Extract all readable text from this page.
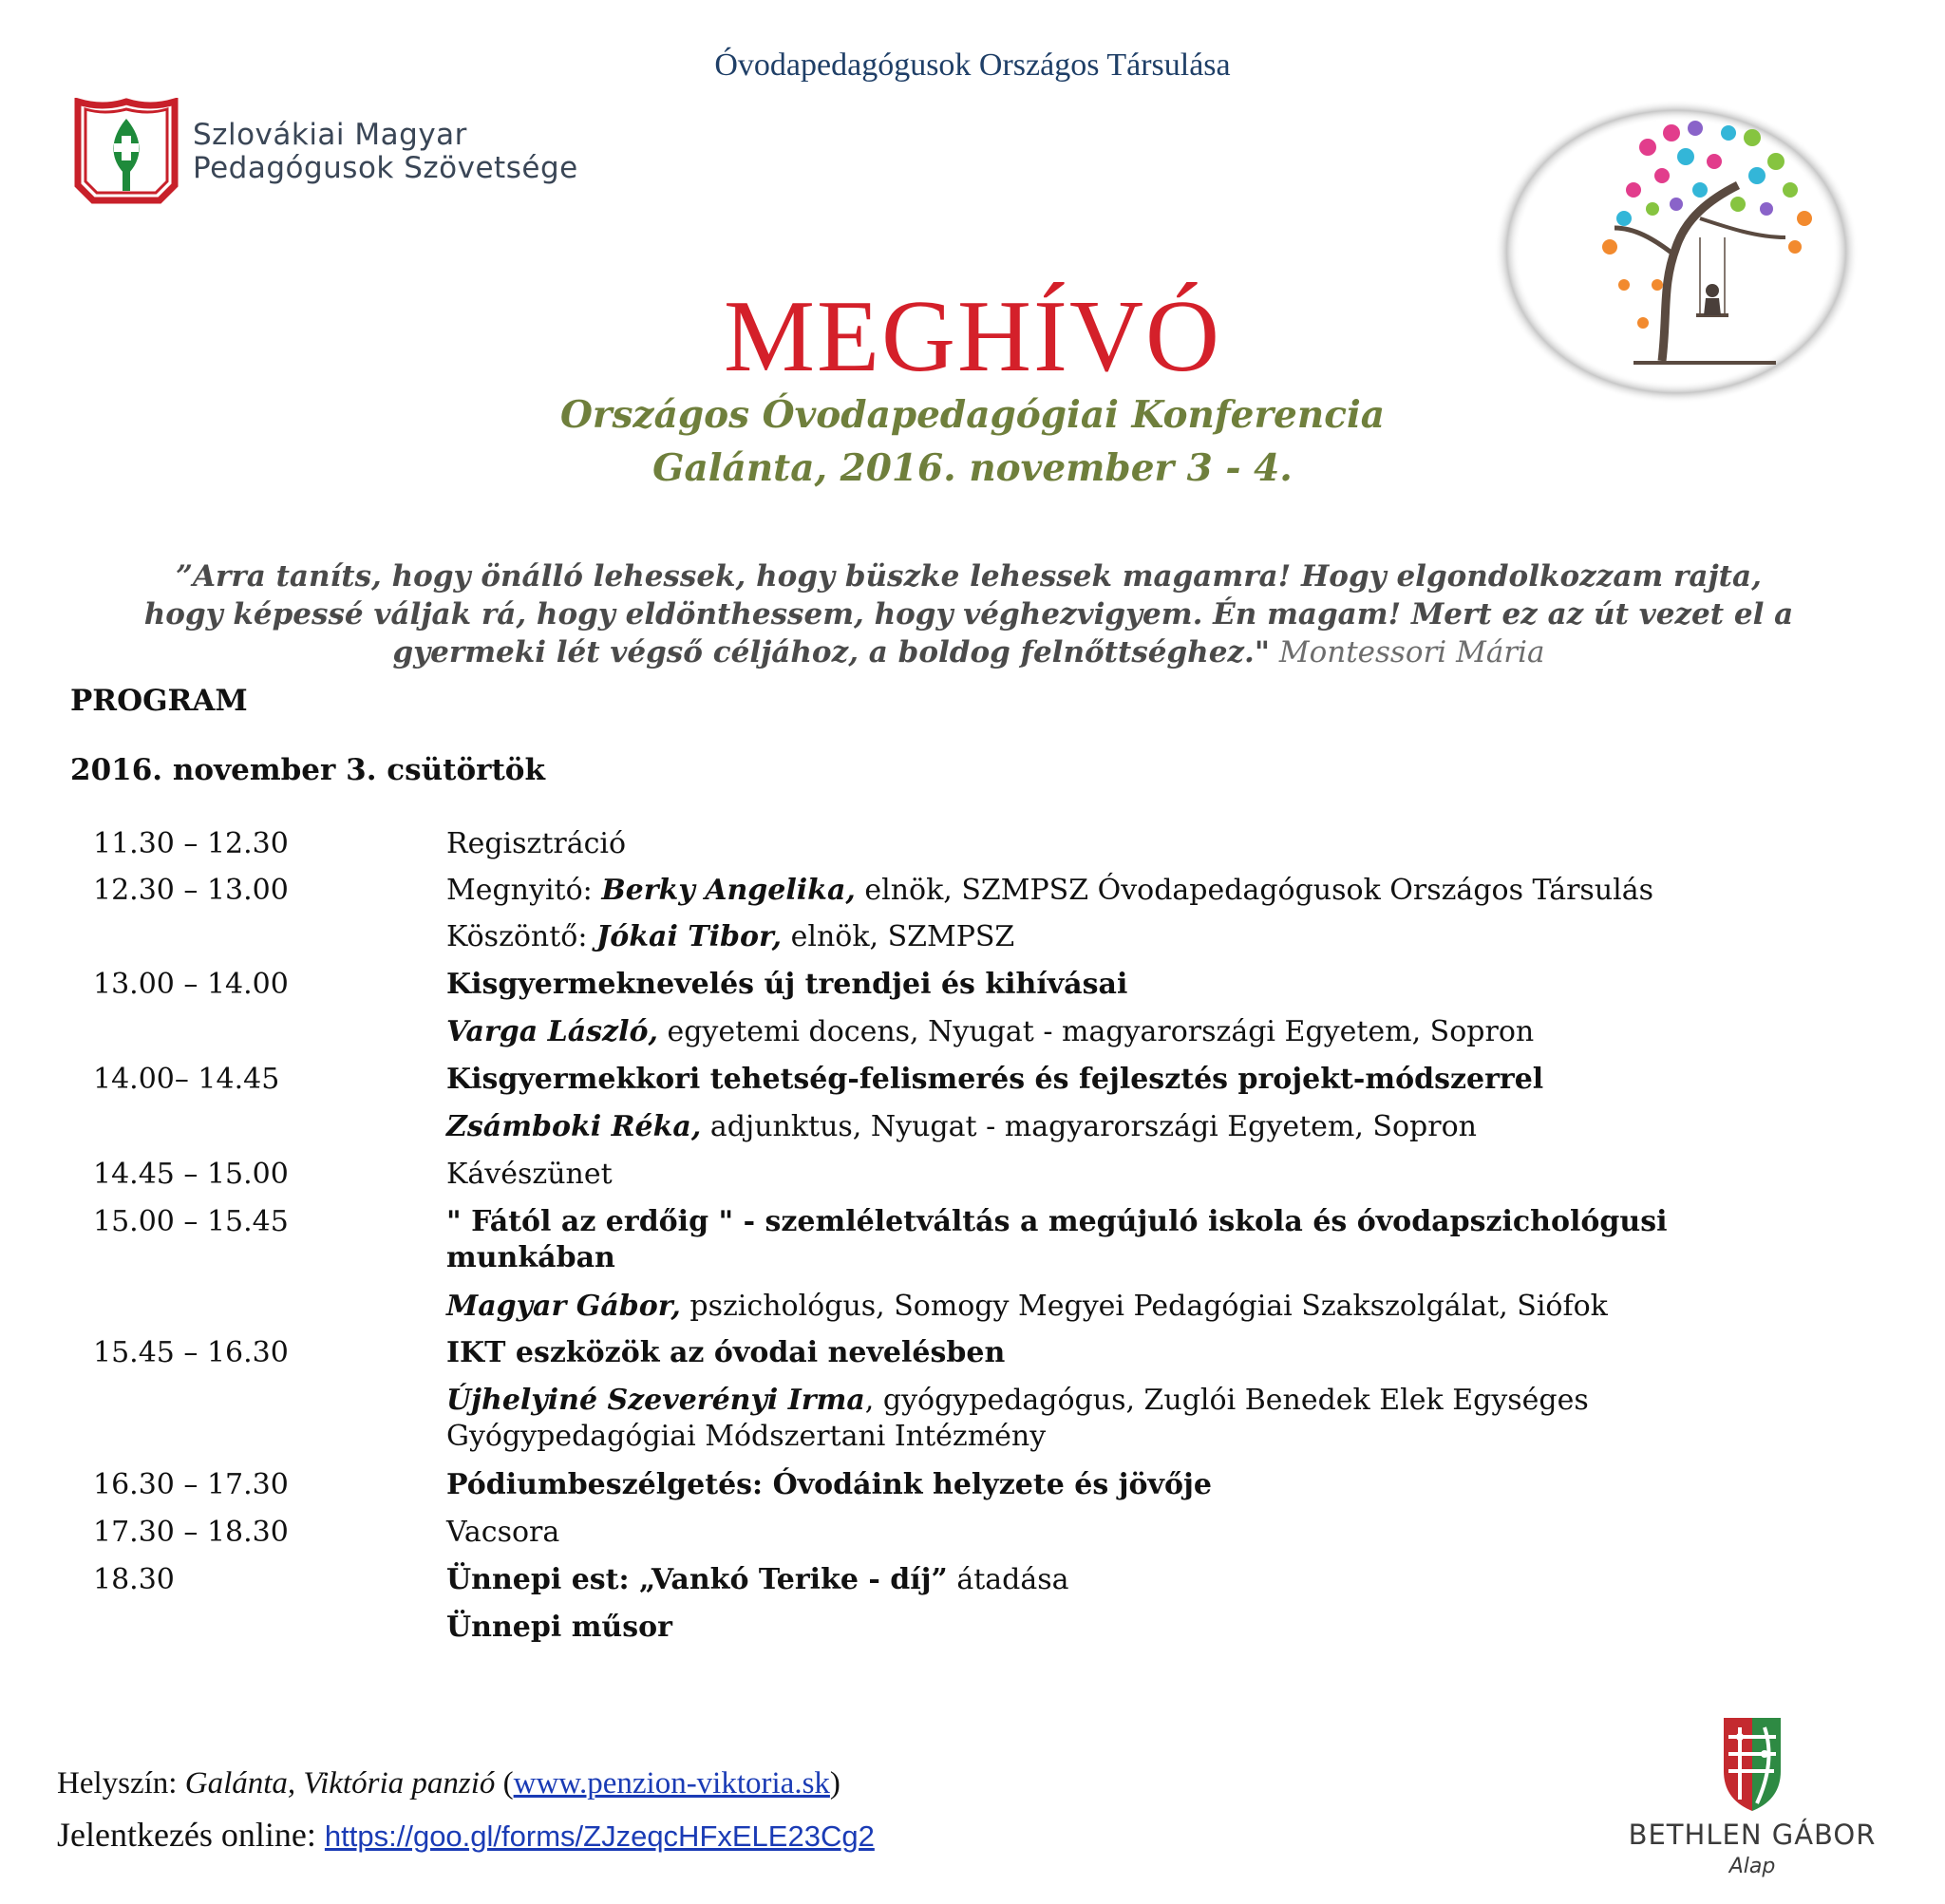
Óvodapedagógusok Országos Társulása
Szlovákiai Magyar
Pedagógusok Szövetsége
MEGHÍVÓ
Országos Óvodapedagógiai Konferencia
Galánta, 2016. november 3 - 4.
”Arra taníts, hogy önálló lehessek, hogy büszke lehessek magamra! Hogy elgondolkozzam rajta,
hogy képessé váljak rá, hogy eldönthessem, hogy véghezvigyem. Én magam! Mert ez az út vezet el a
gyermeki lét végső céljához, a boldog felnőttséghez." Montessori Mária
PROGRAM
2016. november 3. csütörtök
11.30 – 12.30	Regisztráció
12.30 – 13.00	Megnyitó: Berky Angelika, elnök, SZMPSZ Óvodapedagógusok Országos Társulás
Köszöntő: Jókai Tibor, elnök, SZMPSZ
13.00 – 14.00	Kisgyermeknevelés új trendjei és kihívásai
Varga László, egyetemi docens, Nyugat - magyarországi Egyetem, Sopron
14.00– 14.45	Kisgyermekkori tehetség-felismerés és fejlesztés projekt-módszerrel
Zsámboki Réka, adjunktus, Nyugat - magyarországi Egyetem, Sopron
14.45 – 15.00	Kávészünet
15.00 – 15.45	" Fától az erdőig " - szemléletváltás a megújuló iskola és óvodapszichológusi
munkában
Magyar Gábor, pszichológus, Somogy Megyei Pedagógiai Szakszolgálat, Siófok
15.45 – 16.30	IKT eszközök az óvodai nevelésben
Újhelyiné Szeverényi Irma, gyógypedagógus, Zuglói Benedek Elek Egységes
Gyógypedagógiai Módszertani Intézmény
16.30 – 17.30	Pódiumbeszélgetés: Óvodáink helyzete és jövője
17.30 – 18.30	Vacsora
18.30	Ünnepi est: „Vankó Terike - díj” átadása
Ünnepi műsor
Helyszín: Galánta, Viktória panzió (www.penzion-viktoria.sk)
Jelentkezés online: https://goo.gl/forms/ZJzeqcHFxELE23Cg2	BETHLEN GÁBOR
Alap
